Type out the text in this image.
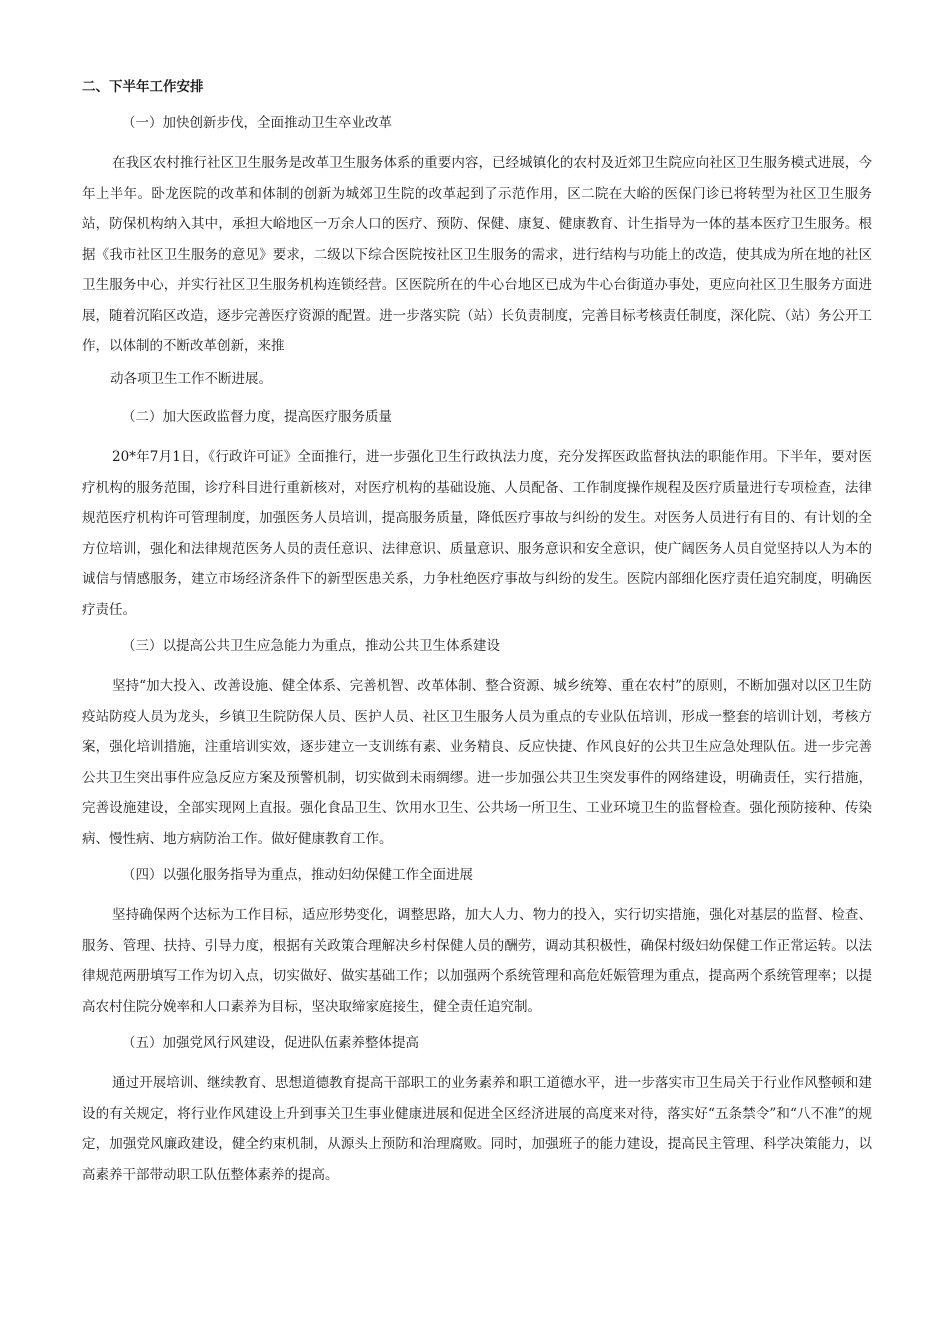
二、下半年工作安排
（一）加快创新步伐，全面推动卫生卒业改革
在我区农村推行社区卫生服务是改革卫生服务体系的重要内容，已经城镇化的农村及近郊卫生院应向社区卫生服务模式进展，今年上半年。卧龙医院的改革和体制的创新为城郊卫生院的改革起到了示范作用，区二院在大峪的医保门诊已将转型为社区卫生服务站，防保机构纳入其中，承担大峪地区一万余人口的医疗、预防、保健、康复、健康教育、计生指导为一体的基本医疗卫生服务。根据《我市社区卫生服务的意见》要求，二级以下综合医院按社区卫生服务的需求，进行结构与功能上的改造，使其成为所在地的社区卫生服务中心，并实行社区卫生服务机构连锁经营。区医院所在的牛心台地区已成为牛心台街道办事处，更应向社区卫生服务方面进展，随着沉陷区改造，逐步完善医疗资源的配置。进一步落实院（站）长负责制度，完善目标考核责任制度，深化院、（站）务公开工作，以体制的不断改革创新，来推
动各项卫生工作不断进展。
（二）加大医政监督力度，提高医疗服务质量
20*年7月1日，《行政许可证》全面推行，进一步强化卫生行政执法力度，充分发挥医政监督执法的职能作用。下半年，要对医疗机构的服务范围，诊疗科目进行重新核对，对医疗机构的基础设施、人员配备、工作制度操作规程及医疗质量进行专项检查，法律规范医疗机构许可管理制度，加强医务人员培训，提高服务质量，降低医疗事故与纠纷的发生。对医务人员进行有目的、有计划的全方位培训，强化和法律规范医务人员的责任意识、法律意识、质量意识、服务意识和安全意识，使广阔医务人员自觉坚持以人为本的诚信与情感服务，建立市场经济条件下的新型医患关系，力争杜绝医疗事故与纠纷的发生。医院内部细化医疗责任追究制度，明确医疗责任。
（三）以提高公共卫生应急能力为重点，推动公共卫生体系建设
坚持“加大投入、改善设施、健全体系、完善机智、改革体制、整合资源、城乡统筹、重在农村”的原则，不断加强对以区卫生防疫站防疫人员为龙头，乡镇卫生院防保人员、医护人员、社区卫生服务人员为重点的专业队伍培训，形成一整套的培训计划，考核方案，强化培训措施，注重培训实效，逐步建立一支训练有素、业务精良、反应快捷、作风良好的公共卫生应急处理队伍。进一步完善公共卫生突出事件应急反应方案及预警机制，切实做到未雨绸缪。进一步加强公共卫生突发事件的网络建设，明确责任，实行措施，完善设施建设，全部实现网上直报。强化食品卫生、饮用水卫生、公共场一所卫生、工业环境卫生的监督检查。强化预防接种、传染病、慢性病、地方病防治工作。做好健康教育工作。
（四）以强化服务指导为重点，推动妇幼保健工作全面进展
坚持确保两个达标为工作目标，适应形势变化，调整思路，加大人力、物力的投入，实行切实措施，强化对基层的监督、检查、服务、管理、扶持、引导力度，根据有关政策合理解决乡村保健人员的酬劳，调动其积极性，确保村级妇幼保健工作正常运转。以法律规范两册填写工作为切入点，切实做好、做实基础工作；以加强两个系统管理和高危妊娠管理为重点，提高两个系统管理率；以提高农村住院分娩率和人口素养为目标，坚决取缔家庭接生，健全责任追究制。
（五）加强党风行风建设，促进队伍素养整体提高
通过开展培训、继续教育、思想道德教育提高干部职工的业务素养和职工道德水平，进一步落实市卫生局关于行业作风整顿和建设的有关规定，将行业作风建设上升到事关卫生事业健康进展和促进全区经济进展的高度来对待，落实好“五条禁令”和“八不准”的规定，加强党风廉政建设，健全约束机制，从源头上预防和治理腐败。同时，加强班子的能力建设，提高民主管理、科学决策能力，以高素养干部带动职工队伍整体素养的提高。
